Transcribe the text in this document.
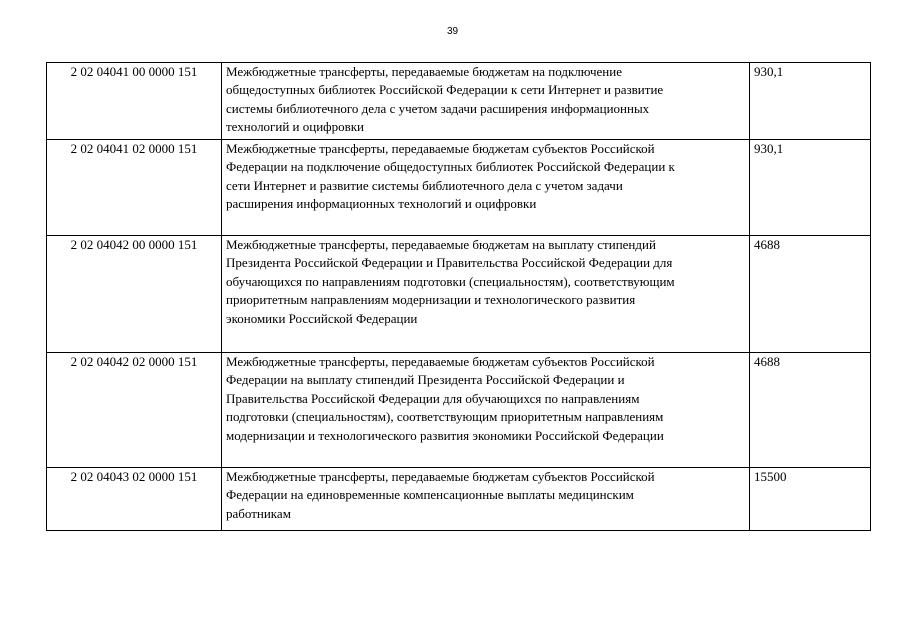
39
2 02 04041 00 0000 151	Межбюджетные трансферты, передаваемые бюджетам на подключение
общедоступных библиотек Российской Федерации к сети Интернет и развитие
системы библиотечного дела с учетом задачи расширения информационных
технологий и оцифровки	930,1
2 02 04041 02 0000 151	Межбюджетные трансферты, передаваемые бюджетам субъектов Российской
Федерации на подключение общедоступных библиотек Российской Федерации к
сети Интернет и развитие системы библиотечного дела с учетом задачи
расширения информационных технологий и оцифровки	930,1
2 02 04042 00 0000 151	Межбюджетные трансферты, передаваемые бюджетам на выплату стипендий
Президента Российской Федерации и Правительства Российской Федерации для
обучающихся по направлениям подготовки (специальностям), соответствующим
приоритетным направлениям модернизации и технологического развития
экономики Российской Федерации	4688
2 02 04042 02 0000 151	Межбюджетные трансферты, передаваемые бюджетам субъектов Российской
Федерации на выплату стипендий Президента Российской Федерации и
Правительства Российской Федерации для обучающихся по направлениям
подготовки (специальностям), соответствующим приоритетным направлениям
модернизации и технологического развития экономики Российской Федерации	4688
2 02 04043 02 0000 151	Межбюджетные трансферты, передаваемые бюджетам субъектов Российской
Федерации на единовременные компенсационные выплаты медицинским
работникам	15500
